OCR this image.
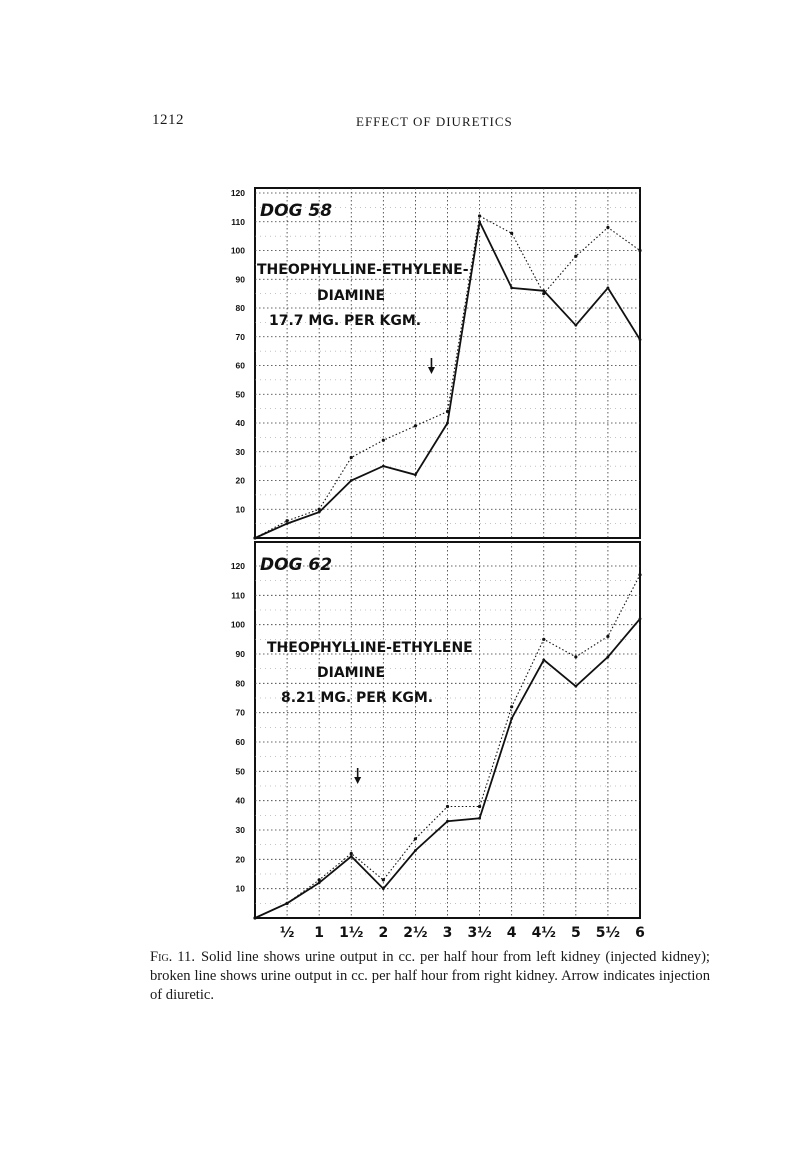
1212	EFFECT OF DIURETICS
10
20
30
40
50
60
70
80
90
100
110
120
DOG 58
THEOPHYLLINE-ETHYLENE-
DIAMINE
17.7 MG. PER KGM.
10
20
30
40
50
60
70
80
90
100
110
120 DOG 62
THEOPHYLLINE-ETHYLENE
DIAMINE
8.21 MG. PER KGM.
½ 1 1½ 2 2½ 3 3½ 4 4½ 5 5½ 6
Fig. 11. Solid line shows urine output in cc. per half hour from left kidney (injected kidney); broken line shows urine output in cc. per half hour from right kidney. Arrow indicates injection of diuretic.
